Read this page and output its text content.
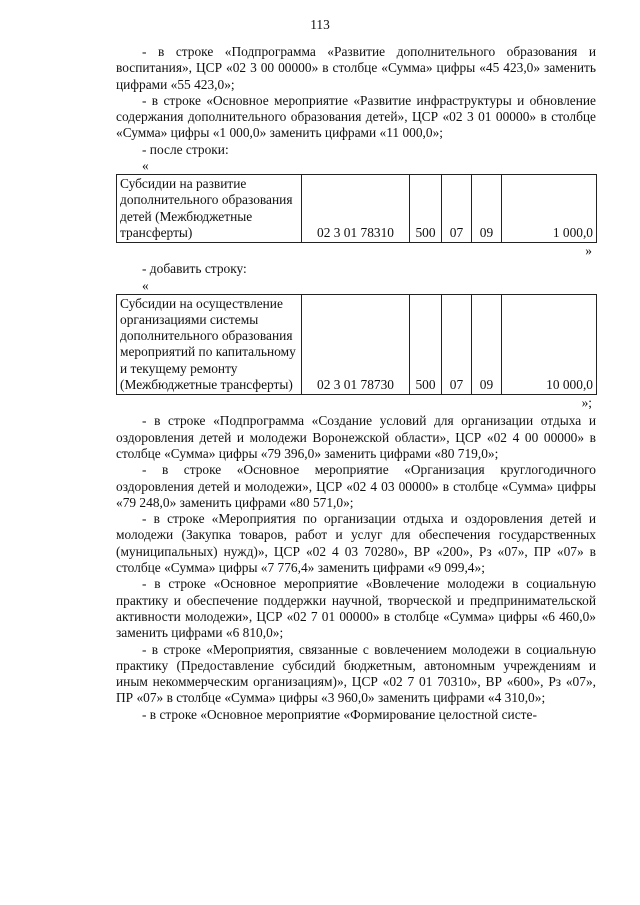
113

- в строке «Подпрограмма «Развитие дополнительного образования и воспитания», ЦСР «02 3 00 00000» в столбце «Сумма» цифры «45 423,0» заменить цифрами «55 423,0»;

- в строке «Основное мероприятие «Развитие инфраструктуры и обновление содержания дополнительного образования детей», ЦСР «02 3 01 00000» в столбце «Сумма» цифры «1 000,0» заменить цифрами «11 000,0»;

- после строки:

«

Субсидии на развитие дополнительного образования детей (Межбюджетные трансферты)	02 3 01 78310	500	07	09	1 000,0

»

- добавить строку:

«

Субсидии на осуществление организациями системы дополнительного образования мероприятий по капитальному и текущему ремонту (Межбюджетные трансферты)	02 3 01 78730	500	07	09	10 000,0

»;

- в строке «Подпрограмма «Создание условий для организации отдыха и оздоровления детей и молодежи Воронежской области», ЦСР «02 4 00 00000» в столбце «Сумма» цифры «79 396,0» заменить цифрами «80 719,0»;

- в строке «Основное мероприятие «Организация круглогодичного оздоровления детей и молодежи», ЦСР «02 4 03 00000» в столбце «Сумма» цифры «79 248,0» заменить цифрами «80 571,0»;

- в строке «Мероприятия по организации отдыха и оздоровления детей и молодежи (Закупка товаров, работ и услуг для обеспечения государственных (муниципальных) нужд)», ЦСР «02 4 03 70280», ВР «200», Рз «07», ПР «07» в столбце «Сумма» цифры «7 776,4» заменить цифрами «9 099,4»;

- в строке «Основное мероприятие «Вовлечение молодежи в социальную практику и обеспечение поддержки научной, творческой и предпринимательской активности молодежи», ЦСР «02 7 01 00000» в столбце «Сумма» цифры «6 460,0» заменить цифрами «6 810,0»;

- в строке «Мероприятия, связанные с вовлечением молодежи в социальную практику (Предоставление субсидий бюджетным, автономным учреждениям и иным некоммерческим организациям)», ЦСР «02 7 01 70310», ВР «600», Рз «07», ПР «07» в столбце «Сумма» цифры «3 960,0» заменить цифрами «4 310,0»;

- в строке «Основное мероприятие «Формирование целостной систе-
